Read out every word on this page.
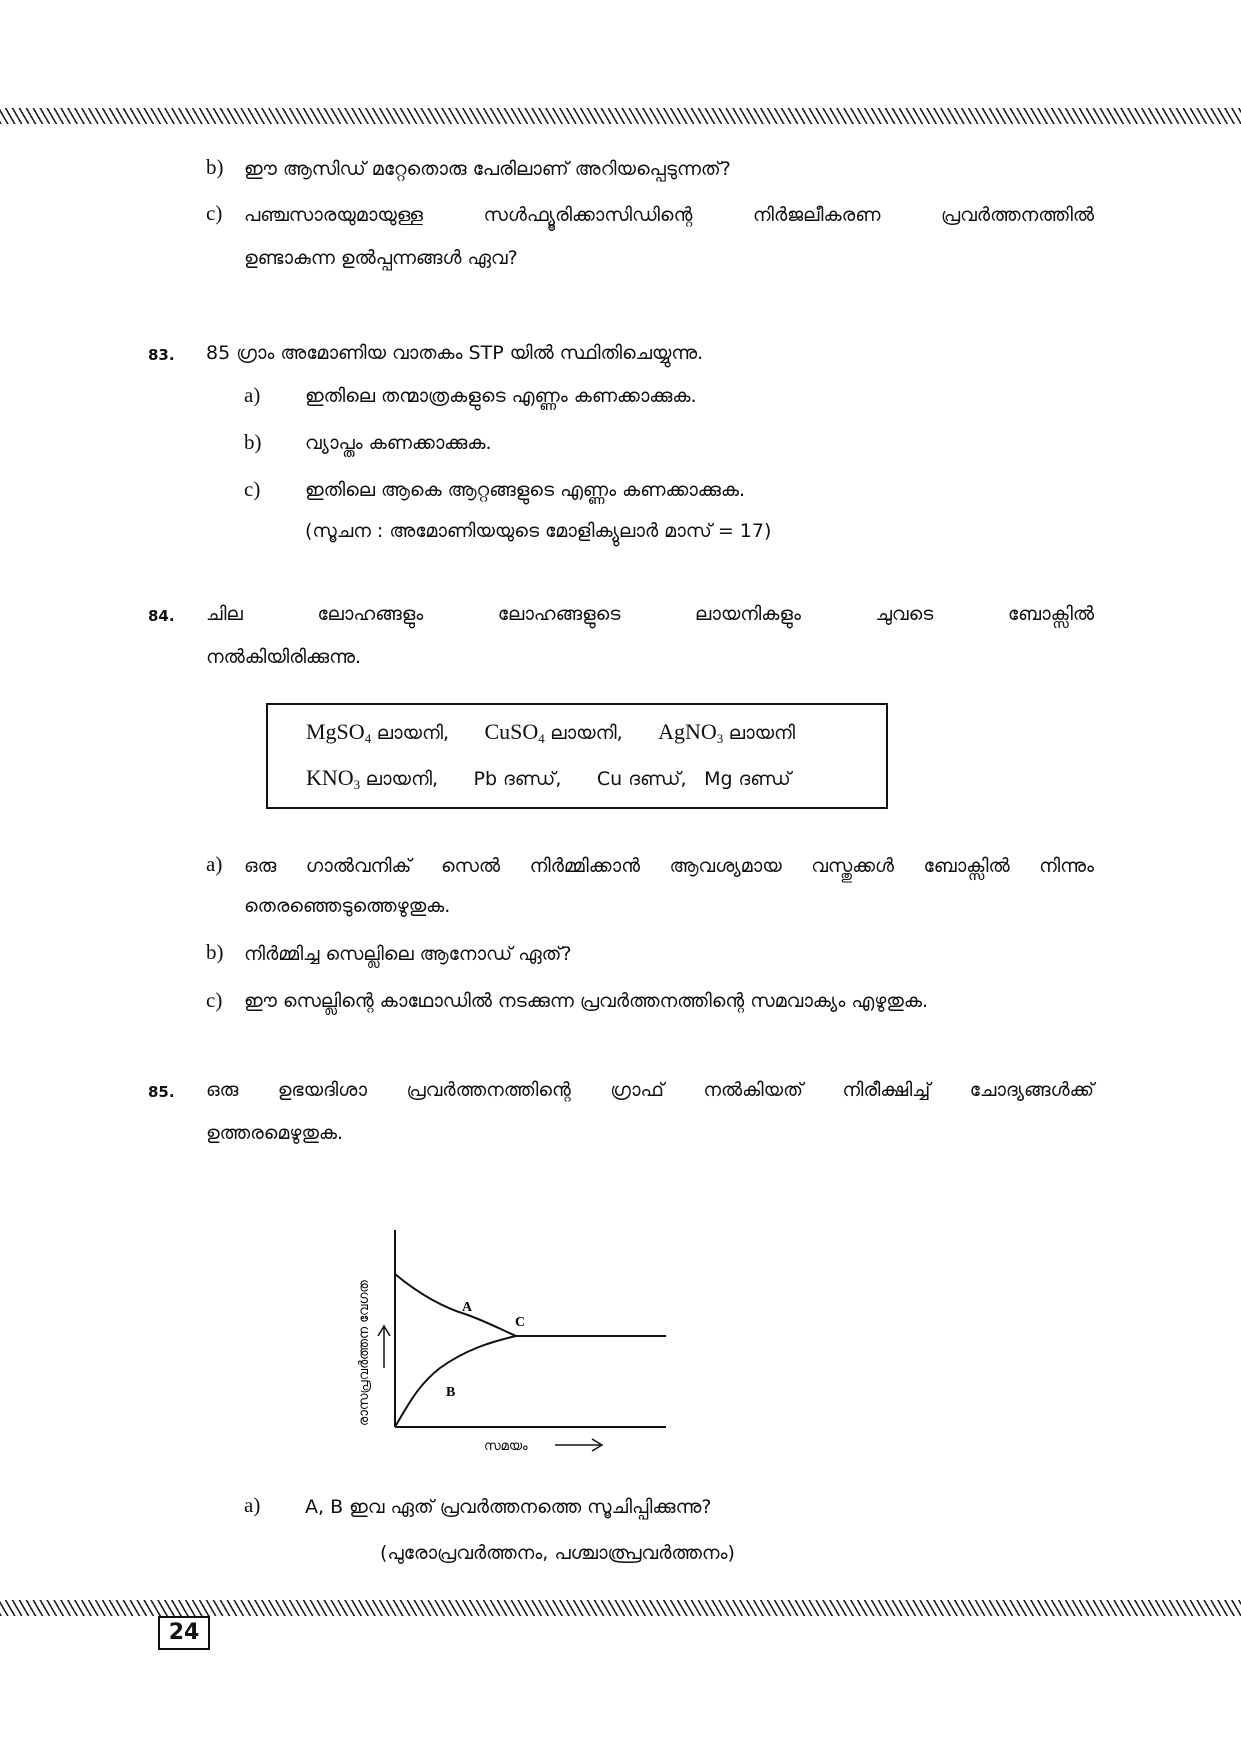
b) ഈ ആസിഡ് മറ്റേതൊരു പേരിലാണ് അറിയപ്പെടുന്നത്?
c) പഞ്ചസാരയുമായുള്ള സൾഫ്യൂരിക്കാസിഡിന്റെ നിർജലീകരണ പ്രവർത്തനത്തിൽ
ഉണ്ടാകുന്ന ഉൽപ്പന്നങ്ങൾ ഏവ?
83. 85 ഗ്രാം അമോണിയ വാതകം STP യിൽ സ്ഥിതിചെയ്യുന്നു.
a) ഇതിലെ തന്മാത്രകളുടെ എണ്ണം കണക്കാക്കുക.
b) വ്യാപ്തം കണക്കാക്കുക.
c) ഇതിലെ ആകെ ആറ്റങ്ങളുടെ എണ്ണം കണക്കാക്കുക.
(സൂചന : അമോണിയയുടെ മോളിക്യുലാർ മാസ് = 17)
84. ചില ലോഹങ്ങളും ലോഹങ്ങളുടെ ലായനികളും ചുവടെ ബോക്സിൽ
നൽകിയിരിക്കുന്നു.
MgSO$_4$ ലായനി, CuSO$_4$ ലായനി, AgNO$_3$ ലായനി
$KNO_3$ ലായനി, Pb ദണ്ഡ്, Cu ദണ്ഡ്, Mg ദണ്ഡ്
a) ഒരു ഗാൽവനിക് സെൽ നിർമ്മിക്കാൻ ആവശ്യമായ വസ്തുക്കൾ ബോക്സിൽ നിന്നും
തെരഞ്ഞെടുത്തെഴുതുക.
b) നിർമ്മിച്ച സെല്ലിലെ ആനോഡ് ഏത്?
c) ഈ സെല്ലിന്റെ കാഥോഡിൽ നടക്കുന്ന പ്രവർത്തനത്തിന്റെ സമവാക്യം എഴുതുക.
85. ഒരു ഉഭയദിശാ പ്രവർത്തനത്തിന്റെ ഗ്രാഫ് നൽകിയത് നിരീക്ഷിച്ച് ചോദ്യങ്ങൾക്ക്
ഉത്തരമെഴുതുക.
A
B
C
രാസപ്രവർത്തന വേഗത
സമയം
a) A, B ഇവ ഏത് പ്രവർത്തനത്തെ സൂചിപ്പിക്കുന്നു?
(പുരോപ്രവർത്തനം, പശ്ചാത്പ്രവർത്തനം)
24
